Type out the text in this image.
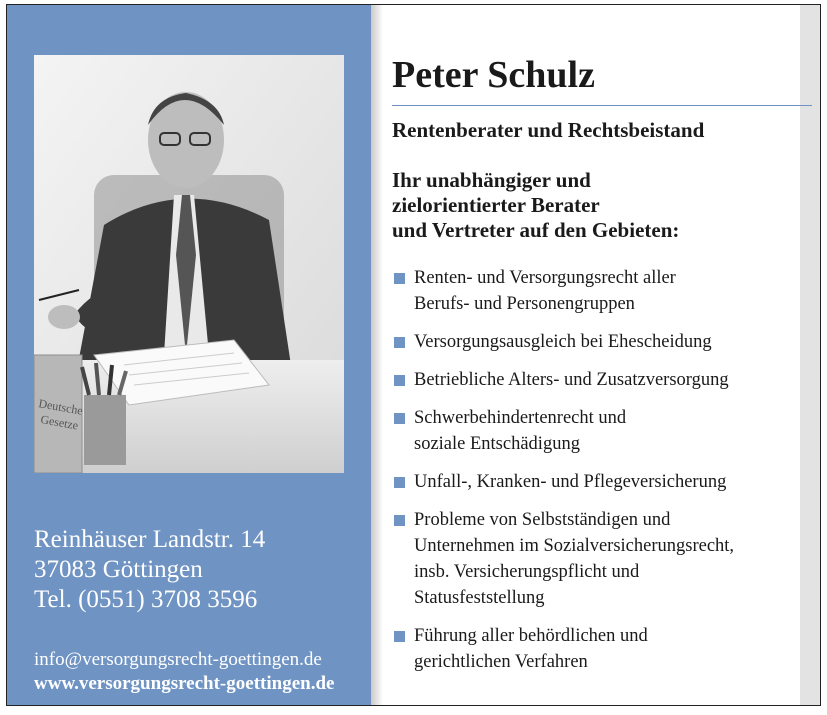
Deutsche
Gesetze
Reinhäuser Landstr. 14
37083 Göttingen
Tel. (0551) 3708 3596
info@versorgungsrecht-goettingen.de
www.versorgungsrecht-goettingen.de
Peter Schulz
Rentenberater und Rechtsbeistand
Ihr unabhängiger und
zielorientierter Berater
und Vertreter auf den Gebieten:
Renten- und Versorgungsrecht aller
Berufs- und Personengruppen
Versorgungsausgleich bei Ehescheidung
Betriebliche Alters- und Zusatzversorgung
Schwerbehindertenrecht und
soziale Entschädigung
Unfall-, Kranken- und Pflegeversicherung
Probleme von Selbstständigen und
Unternehmen im Sozialversicherungsrecht,
insb. Versicherungspflicht und
Statusfeststellung
Führung aller behördlichen und
gerichtlichen Verfahren
